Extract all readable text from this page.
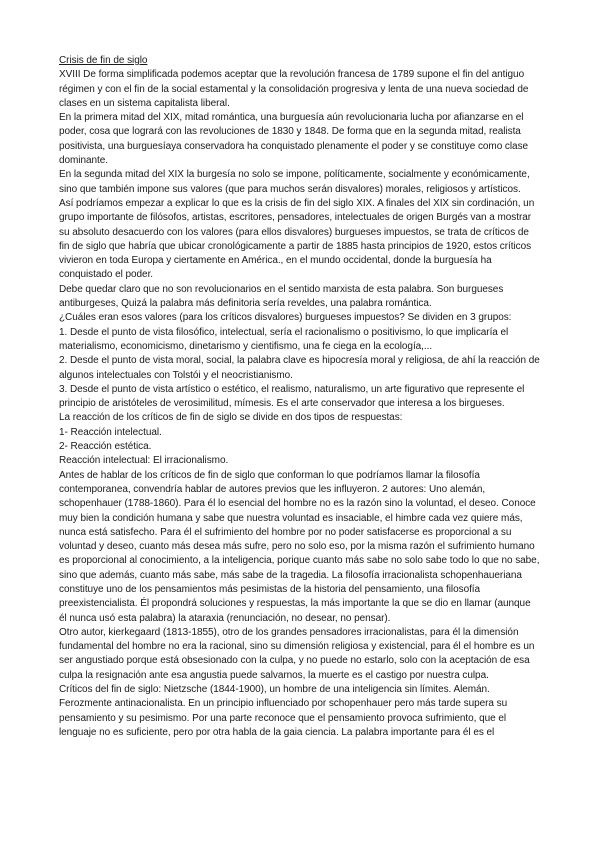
Crisis de fin de siglo

XVIII De forma simplificada podemos aceptar que la revolución francesa de 1789 supone el fin del antiguo régimen y con el fin de la social estamental y la consolidación progresiva y lenta de una nueva sociedad de clases en un sistema capitalista liberal.

En la primera mitad del XIX, mitad romántica, una burguesía aún revolucionaria lucha por afianzarse en el poder, cosa que logrará con las revoluciones de 1830 y 1848. De forma que en la segunda mitad, realista positivista, una burguesíaya conservadora ha conquistado plenamente el poder y se constituye como clase dominante.

En la segunda mitad del XIX la burgesía no solo se impone, políticamente, socialmente y económicamente, sino que también impone sus valores (que para muchos serán disvalores) morales, religiosos y artísticos.

Así podríamos empezar a explicar lo que es la crisis de fin del siglo XIX. A finales del XIX sin cordinación, un grupo importante de filósofos, artistas, escritores, pensadores, intelectuales de origen Burgés van a mostrar su absoluto desacuerdo con los valores (para ellos disvalores) burgueses impuestos, se trata de críticos de fin de siglo que habría que ubicar cronológicamente a partir de 1885 hasta principios de 1920, estos críticos vivieron en toda Europa y ciertamente en América., en el mundo occidental, donde la burguesía ha conquistado el poder.

Debe quedar claro que no son revolucionarios en el sentido marxista de esta palabra. Son burgueses antiburgeses, Quizá la palabra más definitoria sería reveldes, una palabra romántica.

¿Cuáles eran esos valores (para los críticos disvalores) burgueses impuestos? Se dividen en 3 grupos:

1. Desde el punto de vista filosófico, intelectual, sería el racionalismo o positivismo, lo que implicaría el materialismo, economicismo, dinetarismo y cientifismo, una fe ciega en la ecología,...

2. Desde el punto de vista moral, social, la palabra clave es hipocresía moral y religiosa, de ahí la reacción de algunos intelectuales con Tolstói y el neocristianismo.

3. Desde el punto de vista artístico o estético, el realismo, naturalismo, un arte figurativo que represente el principio de aristóteles de verosimilitud, mímesis. Es el arte conservador que interesa a los birgueses.

La reacción de los críticos de fin de siglo se divide en dos tipos de respuestas:

1- Reacción intelectual.

2- Reacción estética.

Reacción intelectual: El irracionalismo.

Antes de hablar de los críticos de fin de siglo que conforman lo que podríamos llamar la filosofía contemporanea, convendría hablar de autores previos que les influyeron. 2 autores: Uno alemán, schopenhauer (1788-1860). Para él lo esencial del hombre no es la razón sino la voluntad, el deseo. Conoce muy bien la condición humana y sabe que nuestra voluntad es insaciable, el himbre cada vez quiere más, nunca está satisfecho. Para él el sufrimiento del hombre por no poder satisfacerse es proporcional a su voluntad y deseo, cuanto más desea más sufre, pero no solo eso, por la misma razón el sufrimiento humano es proporcional al conocimiento, a la inteligencia, porique cuanto más sabe no solo sabe todo lo que no sabe, sino que además, cuanto más sabe, más sabe de la tragedia. La filosofía irracionalista schopenhaueriana constituye uno de los pensamientos más pesimistas de la historia del pensamiento, una filosofía preexistencialista. Él propondrá soluciones y respuestas, la más importante la que se dio en llamar (aunque él nunca usó esta palabra) la ataraxia (renunciación, no desear, no pensar).

Otro autor, kierkegaard (1813-1855), otro de los grandes pensadores irracionalistas, para él la dimensión fundamental del hombre no era la racional, sino su dimensión religiosa y existencial, para él el hombre es un ser angustiado porque está obsesionado con la culpa, y no puede no estarlo, solo con la aceptación de esa culpa la resignación ante esa angustia puede salvarnos, la muerte es el castigo por nuestra culpa.

Críticos del fin de siglo: Nietzsche (1844-1900), un hombre de una inteligencia sin límites. Alemán. Ferozmente antinacionalista. En un principio influenciado por schopenhauer pero más tarde supera su pensamiento y su pesimismo. Por una parte reconoce que el pensamiento provoca sufrimiento, que el lenguaje no es suficiente, pero por otra habla de la gaia ciencia. La palabra importante para él es el
